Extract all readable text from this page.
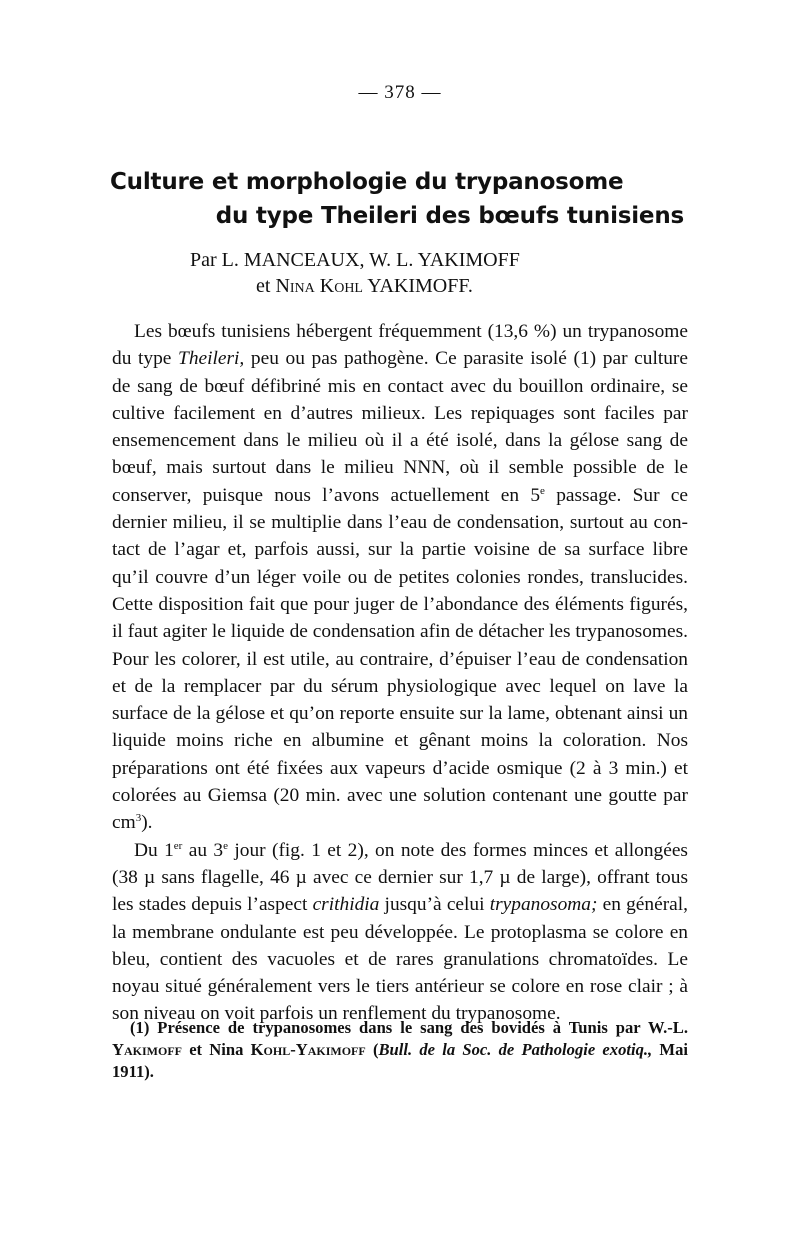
— 378 —
Culture et morphologie du trypanosome
du type Theileri des bœufs tunisiens
Par L. MANCEAUX, W. L. YAKIMOFF
et Nina Kohl YAKIMOFF.

Les bœufs tunisiens hébergent fréquemment (13,6 %) un trypanosome du type Theileri, peu ou pas pathogène. Ce parasite isolé (1) par culture de sang de bœuf défibriné mis en contact avec du bouillon ordinaire, se cultive facilement en d’autres milieux. Les repiquages sont faciles par ensemencement dans le milieu où il a été isolé, dans la gélose sang de bœuf, mais surtout dans le milieu NNN, où il semble possible de le conserver, puisque nous l’avons actuellement en 5e passage. Sur ce dernier milieu, il se multiplie dans l’eau de condensation, surtout au contact de l’agar et, parfois aussi, sur la partie voisine de sa surface libre qu’il couvre d’un léger voile ou de petites colonies rondes, translucides. Cette disposition fait que pour juger de l’abondance des éléments figurés, il faut agiter le liquide de condensation afin de détacher les trypanosomes. Pour les colorer, il est utile, au contraire, d’épuiser l’eau de condensation et de la remplacer par du sérum physiologique avec lequel on lave la surface de la gélose et qu’on reporte ensuite sur la lame, obtenant ainsi un liquide moins riche en albumine et gênant moins la coloration. Nos préparations ont été fixées aux vapeurs d’acide osmique (2 à 3 min.) et colorées au Giemsa (20 min. avec une solution contenant une goutte par $cm^3$).

Du 1er au 3e jour (fig. 1 et 2), on note des formes minces et allongées (38 µ sans flagelle, 46 µ avec ce dernier sur 1,7 µ de large), offrant tous les stades depuis l’aspect crithidia jusqu’à celui trypanosoma; en général, la membrane ondulante est peu développée. Le protoplasma se colore en bleu, contient des vacuoles et de rares granulations chromatoïdes. Le noyau situé généralement vers le tiers antérieur se colore en rose clair ; à son niveau on voit parfois un renflement du trypanosome.

(1) Présence de trypanosomes dans le sang des bovidés à Tunis par W.-L. Yakimoff et Nina Kohl-Yakimoff (Bull. de la Soc. de Pathologie exotiq., Mai 1911).
